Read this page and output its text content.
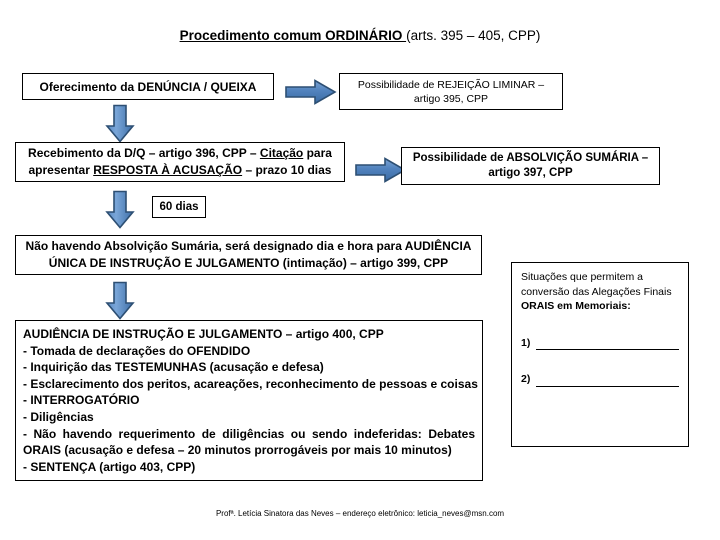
Procedimento comum ORDINÁRIO (arts. 395 – 405, CPP)
Oferecimento da DENÚNCIA / QUEIXA	Possibilidade de REJEIÇÃO LIMINAR –
artigo 395, CPP
Recebimento da D/Q – artigo 396, CPP – Citação para apresentar RESPOSTA À ACUSAÇÃO – prazo 10 dias
Possibilidade de ABSOLVIÇÃO SUMÁRIA –
artigo 397, CPP
60 dias
Não havendo Absolvição Sumária, será designado dia e hora para AUDIÊNCIA
ÚNICA DE INSTRUÇÃO E JULGAMENTO (intimação) – artigo 399, CPP
AUDIÊNCIA DE INSTRUÇÃO E JULGAMENTO – artigo 400, CPP
- Tomada de declarações do OFENDIDO
- Inquirição das TESTEMUNHAS (acusação e defesa)
- Esclarecimento dos peritos, acareações, reconhecimento de pessoas e coisas
- INTERROGATÓRIO
- Diligências
- Não havendo requerimento de diligências ou sendo indeferidas: Debates ORAIS (acusação e defesa – 20 minutos prorrogáveis por mais 10 minutos)
- SENTENÇA (artigo 403, CPP)
Situações que permitem a
conversão das Alegações Finais
ORAIS em Memoriais:
1)
2)
Profª. Letícia Sinatora das Neves – endereço eletrônico: leticia_neves@msn.com
